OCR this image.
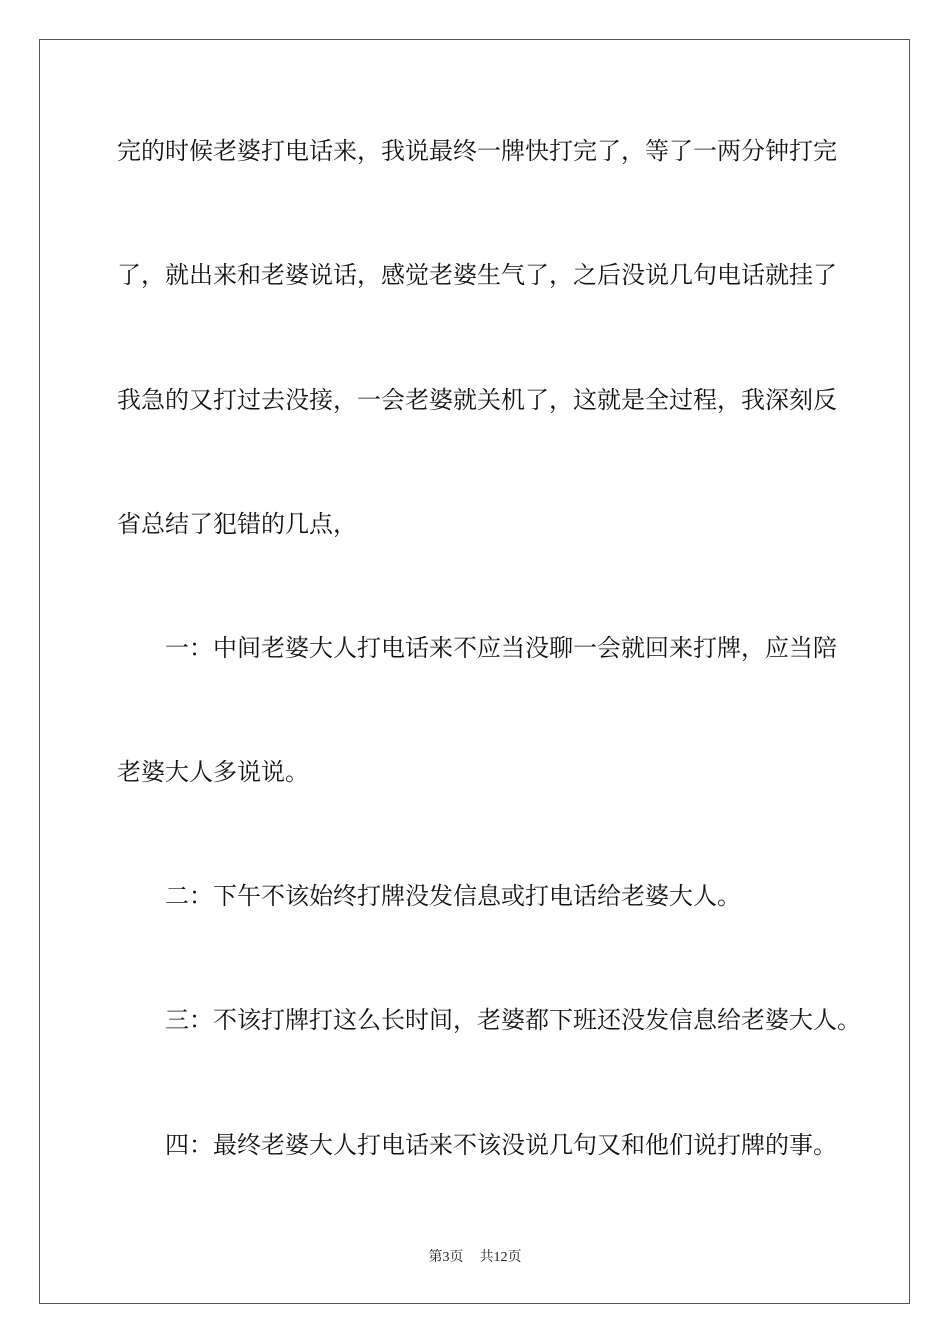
完的时候老婆打电话来，我说最终一牌快打完了，等了一两分钟打完
了，就出来和老婆说话，感觉老婆生气了，之后没说几句电话就挂了
我急的又打过去没接，一会老婆就关机了，这就是全过程，我深刻反
省总结了犯错的几点，
一：中间老婆大人打电话来不应当没聊一会就回来打牌，应当陪
老婆大人多说说。
二：下午不该始终打牌没发信息或打电话给老婆大人。
三：不该打牌打这么长时间，老婆都下班还没发信息给老婆大人。
四：最终老婆大人打电话来不该没说几句又和他们说打牌的事。
第3页 共12页
